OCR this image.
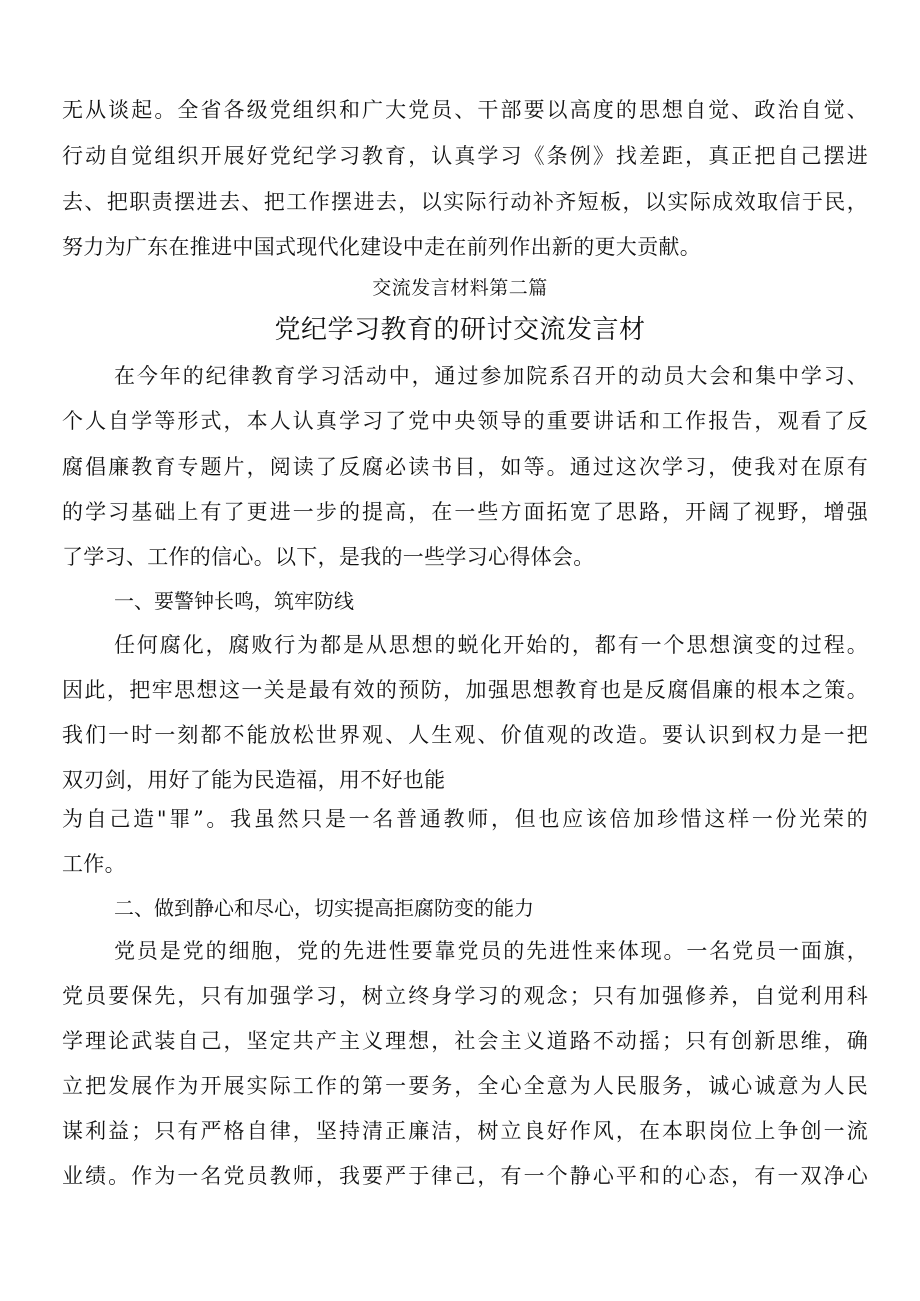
无从谈起。全省各级党组织和广大党员、干部要以高度的思想自觉、政治自觉、
行动自觉组织开展好党纪学习教育，认真学习《条例》找差距，真正把自己摆进
去、把职责摆进去、把工作摆进去，以实际行动补齐短板，以实际成效取信于民，
努力为广东在推进中国式现代化建设中走在前列作出新的更大贡献。
交流发言材料第二篇
党纪学习教育的研讨交流发言材
在今年的纪律教育学习活动中，通过参加院系召开的动员大会和集中学习、
个人自学等形式，本人认真学习了党中央领导的重要讲话和工作报告，观看了反
腐倡廉教育专题片，阅读了反腐必读书目，如等。通过这次学习，使我对在原有
的学习基础上有了更进一步的提高，在一些方面拓宽了思路，开阔了视野，增强
了学习、工作的信心。以下，是我的一些学习心得体会。
一、要警钟长鸣，筑牢防线
任何腐化，腐败行为都是从思想的蜕化开始的，都有一个思想演变的过程。
因此，把牢思想这一关是最有效的预防，加强思想教育也是反腐倡廉的根本之策。
我们一时一刻都不能放松世界观、人生观、价值观的改造。要认识到权力是一把
双刃剑，用好了能为民造福，用不好也能
为自己造"罪”。我虽然只是一名普通教师，但也应该倍加珍惜这样一份光荣的
工作。
二、做到静心和尽心，切实提高拒腐防变的能力
党员是党的细胞，党的先进性要靠党员的先进性来体现。一名党员一面旗，
党员要保先，只有加强学习，树立终身学习的观念；只有加强修养，自觉利用科
学理论武装自己，坚定共产主义理想，社会主义道路不动摇；只有创新思维，确
立把发展作为开展实际工作的第一要务，全心全意为人民服务，诚心诚意为人民
谋利益；只有严格自律，坚持清正廉洁，树立良好作风，在本职岗位上争创一流
业绩。作为一名党员教师，我要严于律己，有一个静心平和的心态，有一双净心
